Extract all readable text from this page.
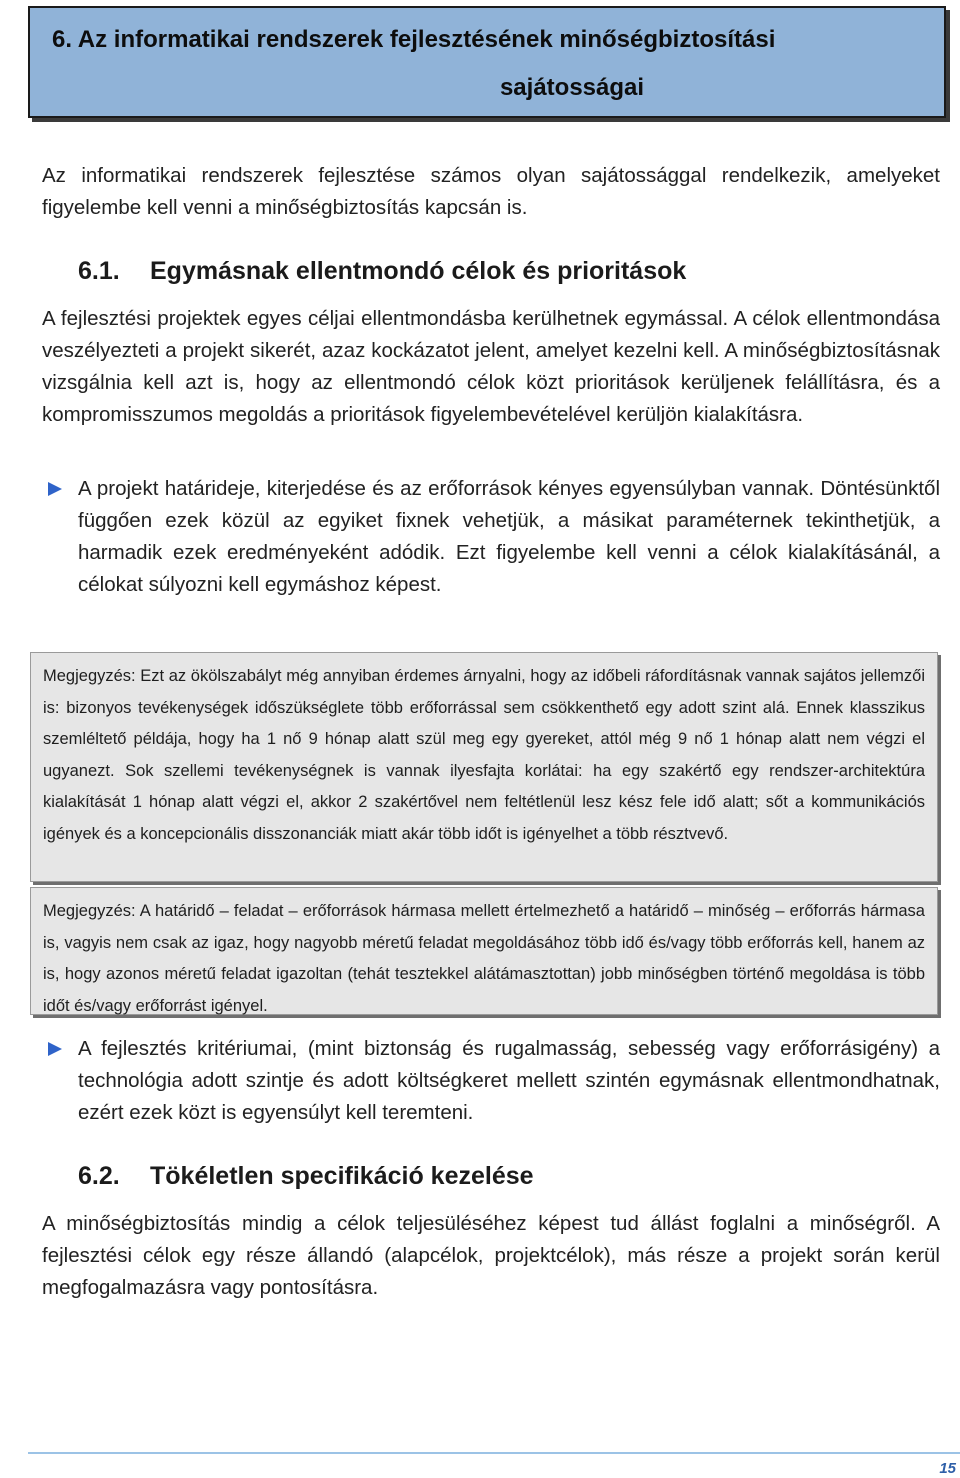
6. Az informatikai rendszerek fejlesztésének minőségbiztosítási
sajátosságai

Az informatikai rendszerek fejlesztése számos olyan sajátossággal rendelkezik, amelyeket figyelembe kell venni a minőségbiztosítás kapcsán is.

6.1. Egymásnak ellentmondó célok és prioritások

A fejlesztési projektek egyes céljai ellentmondásba kerülhetnek egymással. A célok ellentmondása veszélyezteti a projekt sikerét, azaz kockázatot jelent, amelyet kezelni kell. A minőségbiztosításnak vizsgálnia kell azt is, hogy az ellentmondó célok közt prioritások kerüljenek felállításra, és a kompromisszumos megoldás a prioritások figyelembevételével kerüljön kialakításra.

A projekt határideje, kiterjedése és az erőforrások kényes egyensúlyban vannak. Döntésünktől függően ezek közül az egyiket fixnek vehetjük, a másikat paraméternek tekinthetjük, a harmadik ezek eredményeként adódik. Ezt figyelembe kell venni a célok kialakításánál, a célokat súlyozni kell egymáshoz képest.

Megjegyzés: Ezt az ökölszabályt még annyiban érdemes árnyalni, hogy az időbeli ráfordításnak vannak sajátos jellemzői is: bizonyos tevékenységek időszükséglete több erőforrással sem csökkenthető egy adott szint alá. Ennek klasszikus szemléltető példája, hogy ha 1 nő 9 hónap alatt szül meg egy gyereket, attól még 9 nő 1 hónap alatt nem végzi el ugyanezt. Sok szellemi tevékenységnek is vannak ilyesfajta korlátai: ha egy szakértő egy rendszer-architektúra kialakítását 1 hónap alatt végzi el, akkor 2 szakértővel nem feltétlenül lesz kész fele idő alatt; sőt a kommunikációs igények és a koncepcionális disszonanciák miatt akár több időt is igényelhet a több résztvevő.

Megjegyzés: A határidő – feladat – erőforrások hármasa mellett értelmezhető a határidő – minőség – erőforrás hármasa is, vagyis nem csak az igaz, hogy nagyobb méretű feladat megoldásához több idő és/vagy több erőforrás kell, hanem az is, hogy azonos méretű feladat igazoltan (tehát tesztekkel alátámasztottan) jobb minőségben történő megoldása is több időt és/vagy erőforrást igényel.

A fejlesztés kritériumai, (mint biztonság és rugalmasság, sebesség vagy erőforrásigény) a technológia adott szintje és adott költségkeret mellett szintén egymásnak ellentmondhatnak, ezért ezek közt is egyensúlyt kell teremteni.

6.2. Tökéletlen specifikáció kezelése

A minőségbiztosítás mindig a célok teljesüléséhez képest tud állást foglalni a minőségről. A fejlesztési célok egy része állandó (alapcélok, projektcélok), más része a projekt során kerül megfogalmazásra vagy pontosításra.

15
